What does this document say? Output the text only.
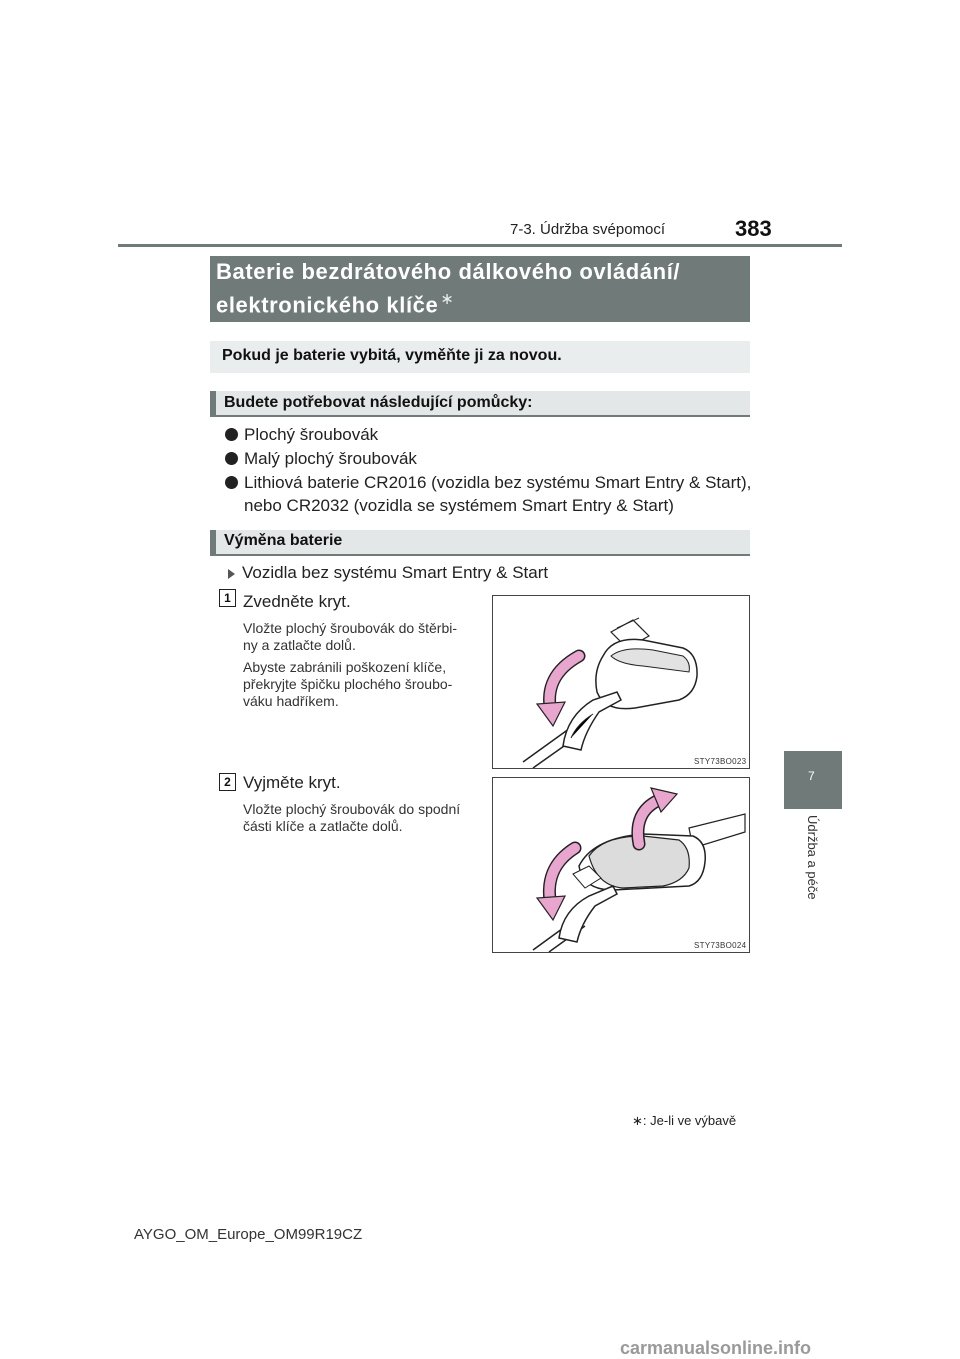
7-3. Údržba svépomocí	383
7
Údržba a péče
Baterie bezdrátového dálkového ovládání/
elektronického klíče ∗
Pokud je baterie vybitá, vyměňte ji za novou.
Budete potřebovat následující pomůcky:
Plochý šroubovák
Malý plochý šroubovák
Lithiová baterie CR2016 (vozidla bez systému Smart Entry & Start),
nebo CR2032 (vozidla se systémem Smart Entry & Start)
Výměna baterie
Vozidla bez systému Smart Entry & Start
1 Zvedněte kryt.
Vložte plochý šroubovák do štěrbi-
ny a zatlačte dolů.
Abyste zabránili poškození klíče,
překryjte špičku plochého šroubo-
váku hadříkem.
STY73BO023
2 Vyjměte kryt.
Vložte plochý šroubovák do spodní
části klíče a zatlačte dolů.
STY73BO024
∗: Je-li ve výbavě
AYGO_OM_Europe_OM99R19CZ
carmanualsonline.info
